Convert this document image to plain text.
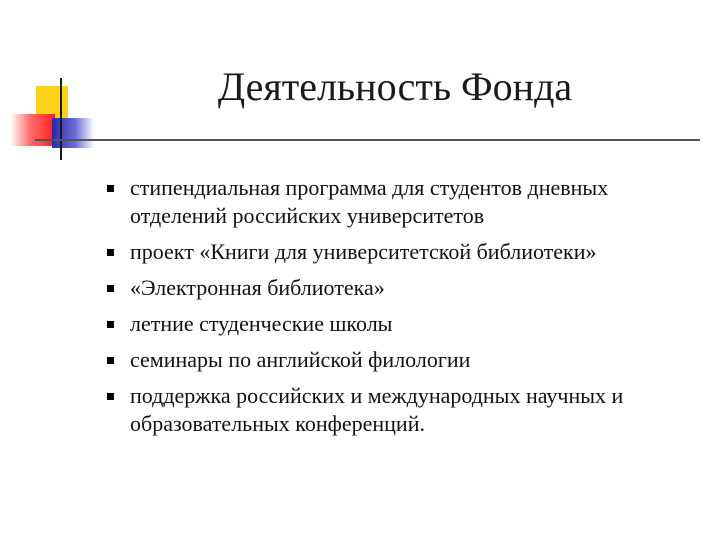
Деятельность Фонда
стипендиальная программа для студентов дневных отделений российских университетов
проект «Книги для университетской библиотеки»
«Электронная библиотека»
летние студенческие школы
семинары по английской филологии
поддержка российских и международных научных и образовательных конференций.
